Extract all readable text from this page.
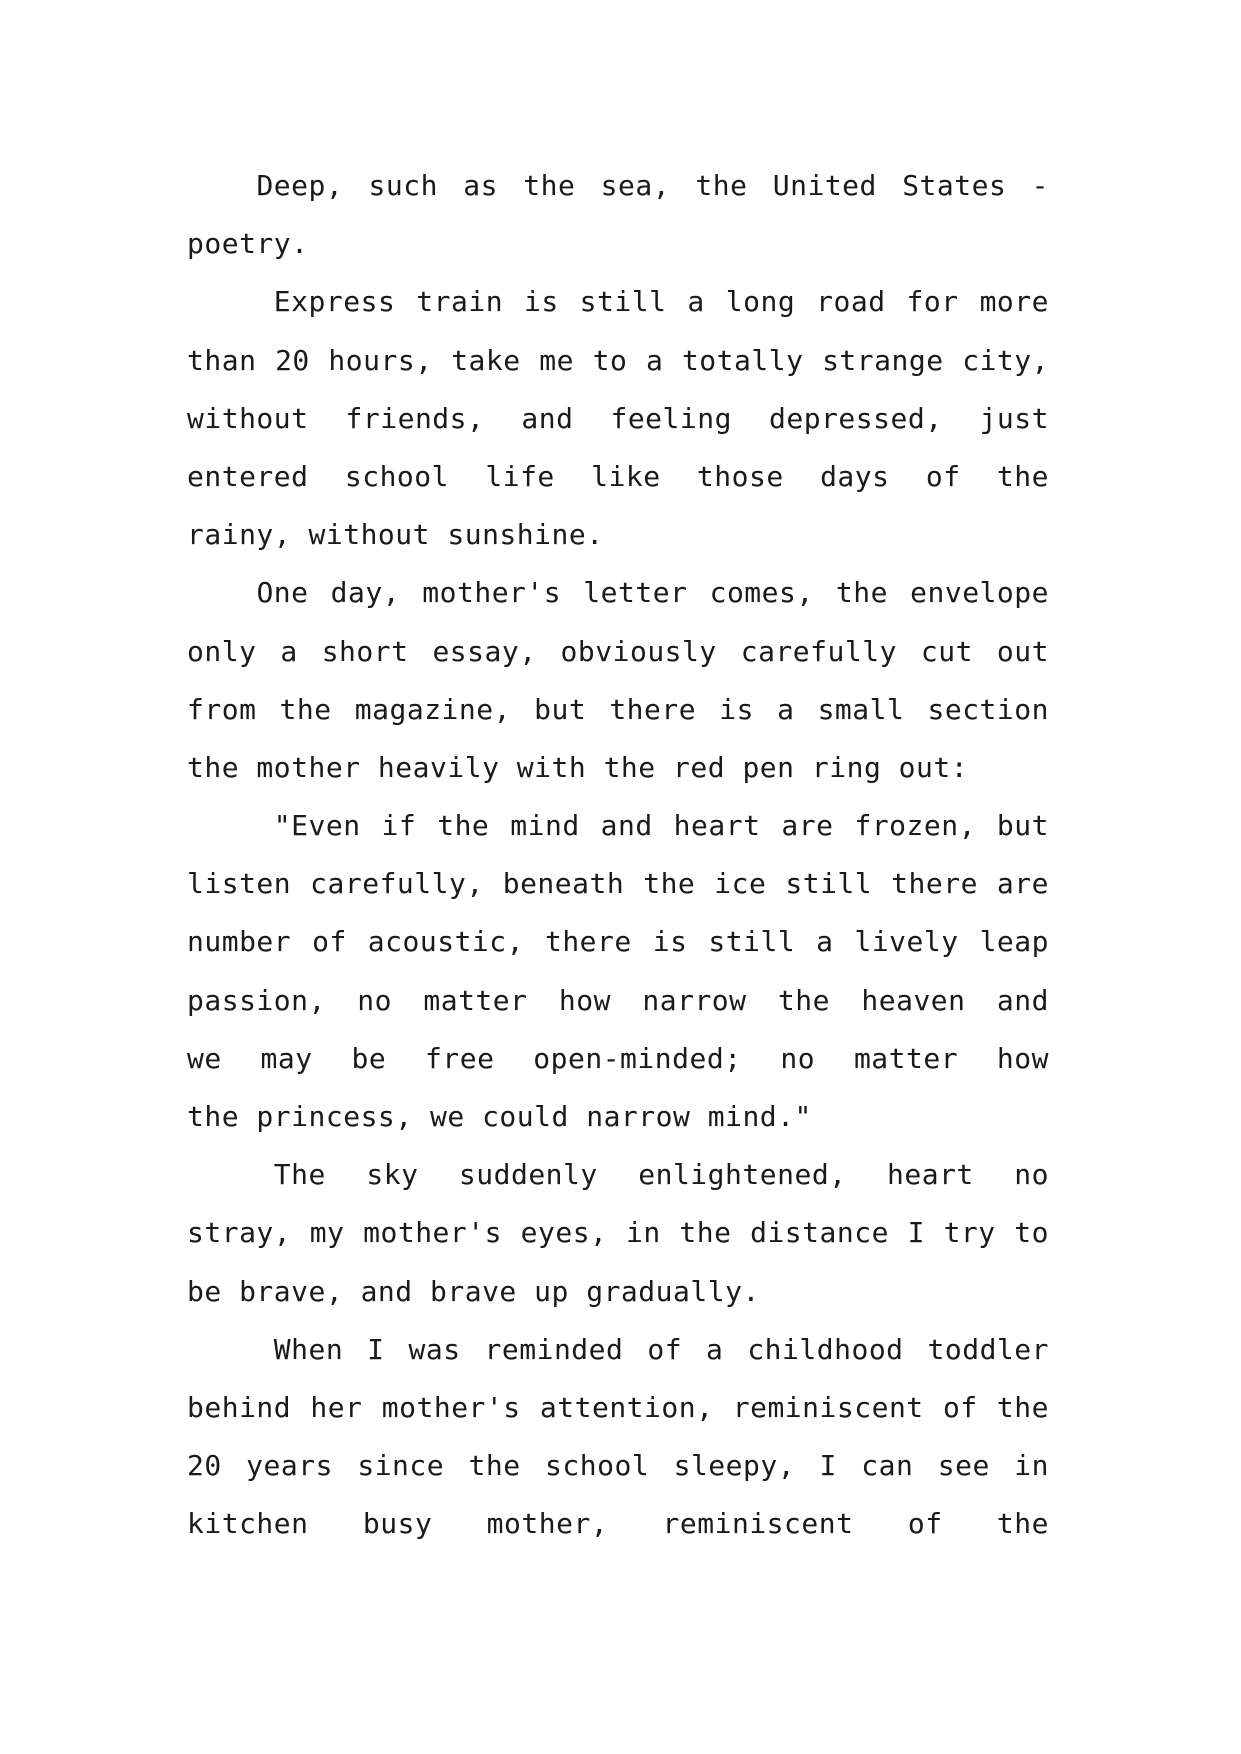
Deep, such as the sea, the United States -
poetry.
Express train is still a long road for more
than 20 hours, take me to a totally strange city,
without friends, and feeling depressed, just
entered school life like those days of the
rainy, without sunshine.
One day, mother's letter comes, the envelope
only a short essay, obviously carefully cut out
from the magazine, but there is a small section
the mother heavily with the red pen ring out:
"Even if the mind and heart are frozen, but
listen carefully, beneath the ice still there are
number of acoustic, there is still a lively leap
passion, no matter how narrow the heaven and
we may be free open-minded; no matter how
the princess, we could narrow mind."
The sky suddenly enlightened, heart no
stray, my mother's eyes, in the distance I try to
be brave, and brave up gradually.
When I was reminded of a childhood toddler
behind her mother's attention, reminiscent of the
20 years since the school sleepy, I can see in
kitchen busy mother, reminiscent of the
